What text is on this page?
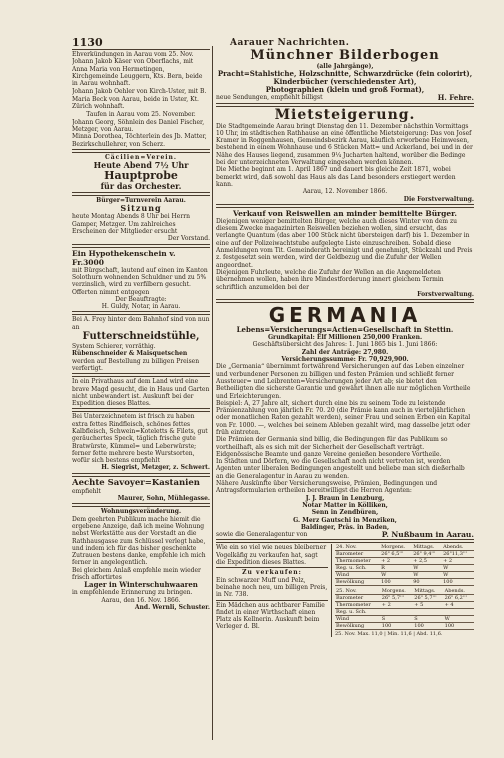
1130	Aarauer Nachrichten.

Ehverkündungen in Aarau vom 25. Nov.

Johann Jakob Käser von Oberflachs, mit Anna Maria von Hermetingen, Kirchgemeinde Leuggern, Kts. Bern, beide in Aarau wohnhaft.

Johann Jakob Oehler von Kirch-Uster, mit B. Maria Beck von Aarau, beide in Uster, Kt. Zürich wohnhaft.

Taufen in Aarau vom 25. November.

Johann Georg, Söhnlein des Daniel Fischer, Metzger, von Aarau.

Minna Dorothea, Töchterlein des Jb. Matter, Bezirkschullehrer, von Scherz.

Cäcilien=Verein.

Heute Abend 7½ Uhr

Hauptprobe

für das Orchester.

Bürger=Turnverein Aarau.

Sitzung

heute Montag Abends 8 Uhr bei Herrn Gamper, Metzger. Um zahlreiches Erscheinen der Mitglieder ersucht

Der Vorstand.

Ein Hypothekenschein v. Fr.3000

mit Bürgschaft, lautend auf einen im Kanton Solothurn wohnenden Schuldner und zu 5% verzinslich, wird zu verfilbern gesucht. Offerten nimmt entgegen

Der Beauftragte:

H. Guldy, Notar, in Aarau.

Bei A. Frey hinter dem Bahnhof sind von nun an

Futterschneidstühle,

System Schierer, vorräthig.

Rübenschneider & Maisquetschen

werden auf Bestellung zu billigen Preisen verfertigt.

In ein Privathaus auf dem Land wird eine brave Magd gesucht, die in Haus und Garten nicht unbewandert ist. Auskunft bei der Expedition dieses Blattes.

Bei Unterzeichnetem ist frisch zu haben extra fettes Rindfleisch, schönes fettes Kalbfleisch, Schwein=Koteletts & Filets, gut geräuchertes Speck, täglich frische gute Bratwürste, Kümmel= und Leberwürste; ferner fette mehrere beste Wurstsorten, wofür sich bestens empfiehlt

H. Siegrist, Metzger, z. Schwert.

Aechte Savoyer=Kastanien

empfiehlt

Maurer, Sohn, Mühlegasse.

Wohnungsveränderung.

Dem geehrten Publikum mache hiemit die ergebene Anzeige, daß ich meine Wohnung nebst Werkstätte aus der Vorstadt an die Rathhausgasse zum Schlüssel verlegt habe, und indem ich für das bisher geschenkte Zutrauen bestens danke, empfehle ich mich ferner in angelegentlich.

Bei gleichem Anlaß empfehle mein wieder frisch affortirtes

Lager in Winterschuhwaaren

in empfehlende Erinnerung zu bringen.

Aarau, den 16. Nov. 1866.

And. Wernli, Schuster.

Münchner Bilderbogen

(alle Jahrgänge),

Pracht=Stahlstiche, Holzschnitte, Schwarzdrücke (fein colorirt),

Kinderbücher (verschiedenster Art),

Photographien (klein und groß Format),

neue Sendungen, empfiehlt billigst	H. Fehre.

Mietsteigerung.

Die Stadtgemeinde Aarau bringt Dienstag den 11. Dezember nächsthin Vormittags 10 Uhr, im städtischen Rathhause an eine öffentliche Mietsteigerung: Das von Josef Kramer in Roggenhausen, Gemeindsbezirk Aarau, käuflich erworbene Heimwesen, bestehend in einem Wohnhause und 6 Stücken Matt= und Ackerland, bei und in der Nähe des Hauses liegend, zusammen 9¼ Jucharten haltend, worüber die Bedinge bei der unterzeichneten Verwaltung eingesehen werden können.

Die Miethe beginnt am 1. April 1867 und dauert bis gleiche Zeit 1871, wobei bemerkt wird, daß sowohl das Haus als das Land besonders erstiegert werden kann.

Aarau, 12. November 1866.

Die Forstverwaltung.

Verkauf von Reiswellen an minder bemittelte Bürger.

Diejenigen weniger bemittelten Bürger, welche auch dieses Winter von dem zu diesem Zwecke magazinirten Reiswellen beziehen wollen, sind ersucht, das verlangte Quantum (das aber 100 Stück nicht übersteigen darf) bis 1. Dezember in eine auf der Polizeiwachtstube aufgelegte Liste einzuschreiben. Sobald diese Anmeldungen vom Tit. Gemeinderath bereinigt und genehmigt, Stückzahl und Preis z. festgesetzt sein werden, wird der Geldbezug und die Zufuhr der Wellen angeordnet.

Diejenigen Fuhrleute, welche die Zufuhr der Wellen an die Angemeldeten übernehmen wollen, haben ihre Mindestforderung innert gleichem Termin schriftlich anzumelden bei der

Forstverwaltung.

GERMANIA

Lebens=Versicherungs=Actien=Gesellschaft in Stettin.

Grundkapital: Elf Millionen 250,000 Franken.

Geschäftsübersicht des Jahres: 1. Juni 1865 bis 1. Juni 1866:

Zahl der Anträge: 27,980.

Versicherungssumme: Fr. 70,929,900.

Die „Germania“ übernimmt fortwährend Versicherungen auf das Leben einzelner und verbundener Personen zu billigen und festen Prämien und schließt ferner Aussteuer= und Leibrenten=Versicherungen jeder Art ab; sie bietet den Betheiligten die sicherste Garantie und gewährt ihnen alle nur möglichen Vortheile und Erleichterungen.

Beispiel: A, 27 Jahre alt, sichert durch eine bis zu seinem Tode zu leistende Prämienzahlung von jährlich Fr. 70. 20 (die Prämie kann auch in vierteljährlichen oder monatlichen Raten gezahlt werden), seiner Frau und seinen Erben ein Kapital von Fr. 1000. —, welches bei seinem Ableben gezahlt wird, mag dasselbe jetzt oder früh eintreten.

Die Prämien der Germania sind billig, die Bedingungen für das Publikum so vortheilhaft, als es sich mit der Sicherheit der Gesellschaft verträgt.

Eidgenössische Beamte und ganze Vereine genießen besondere Vortheile.

In Städten und Dörfern, wo die Gesellschaft noch nicht vertreten ist, werden Agenten unter liberalen Bedingungen angestellt und beliebe man sich dießerhalb an die Generalagentur in Aarau zu wenden.

Nähere Auskünfte über Versicherungsweise, Prämien, Bedingungen und Antragsformularien ertheilen bereitwilligst die Herren Agenten:

J. J. Braun in Lenzburg,

Notar Matter in Kölliken,

Senn in Zendbüren,

G. Merz Gautschi in Menziken,

Baldinger, Präs. in Baden,

sowie die Generalagentur von	P. Nußbaum in Aarau.

Wie ein so viel wie neues bleiberner Vogelkäfig zu verkaufen hat, sagt die Expedition dieses Blattes.

Zu verkaufen:

Ein schwarzer Muff und Pelz, beinahe noch neu, um billigen Preis, in Nr. 738.

Ein Mädchen aus achtbarer Familie findet in einer Wirthschaft einen Platz als Kellnerin. Auskunft beim Verleger d. Bl.

24. Nov.	Morgens.	Mittags.	Abends.
Barometer	26" 6,5'''	26" 9,4'''	26"11,3'''
Thermometer	+ 2	+ 2,5	+ 2
Reg. u. Sch.	R	W	W
Wind	W	W	W
Bewölkung	100	90	100
25. Nov.	Morgens.	Mittags.	Abends.
Barometer	26" 5,7'''	26" 5,7'''	26" 6,2'''
Thermometer	+ 2	+ 5	+ 4
Reg. u. Sch.			
Wind	S	S	W
Bewölkung	100	100	100

25. Nov. Max. 11,0 | Min. 11,6 | Abd. 11,6.
